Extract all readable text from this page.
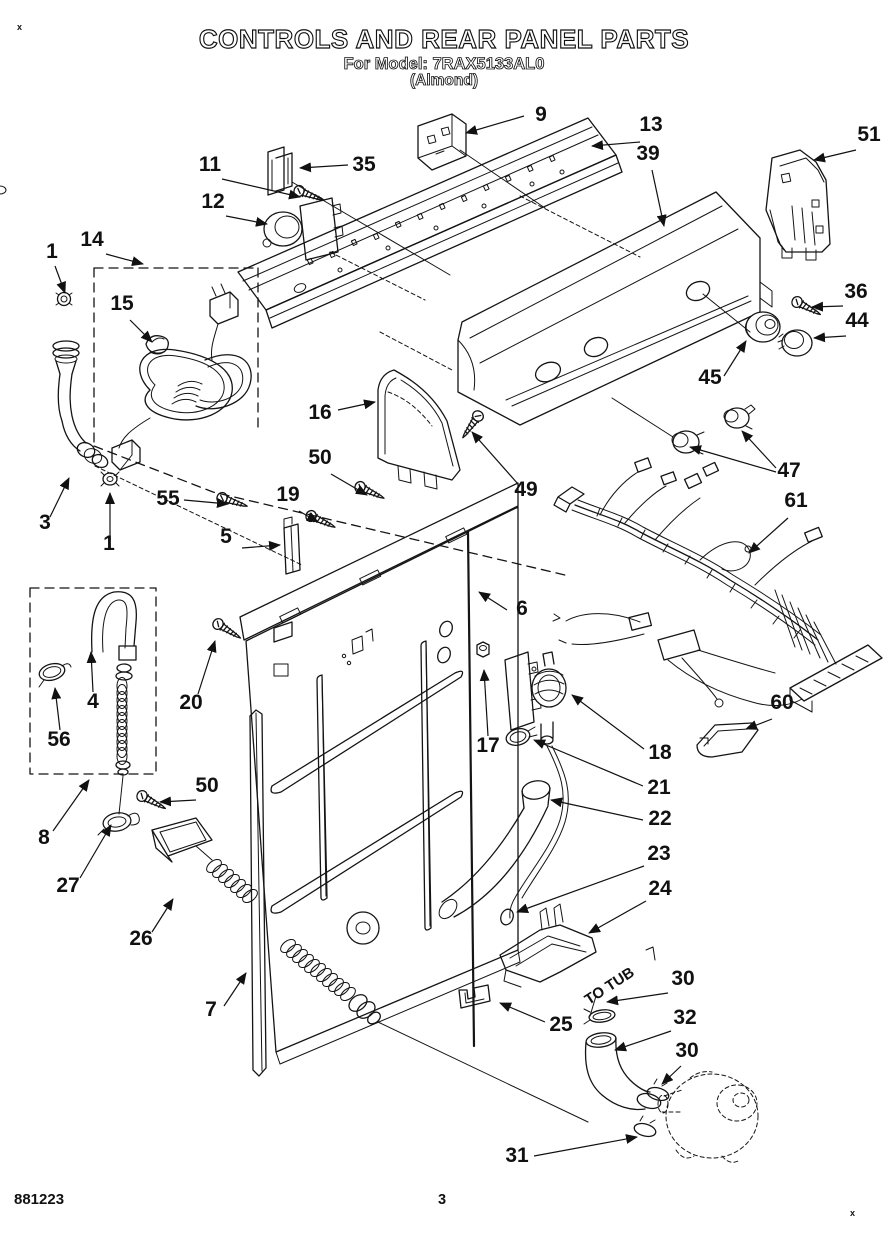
CONTROLS AND REAR PANEL PARTS
For Model: 7RAX5133AL0
(Almond)
x
x
TO TUB
1
14
15
11
12
35
9	13
39
51
36
44
45
47
61
16
49
50
55	19
5
3
1
6
20
4
56
8
27
26
7
17	18
21
22
23
24
25
30
32
30
31
60
50
881223	3
